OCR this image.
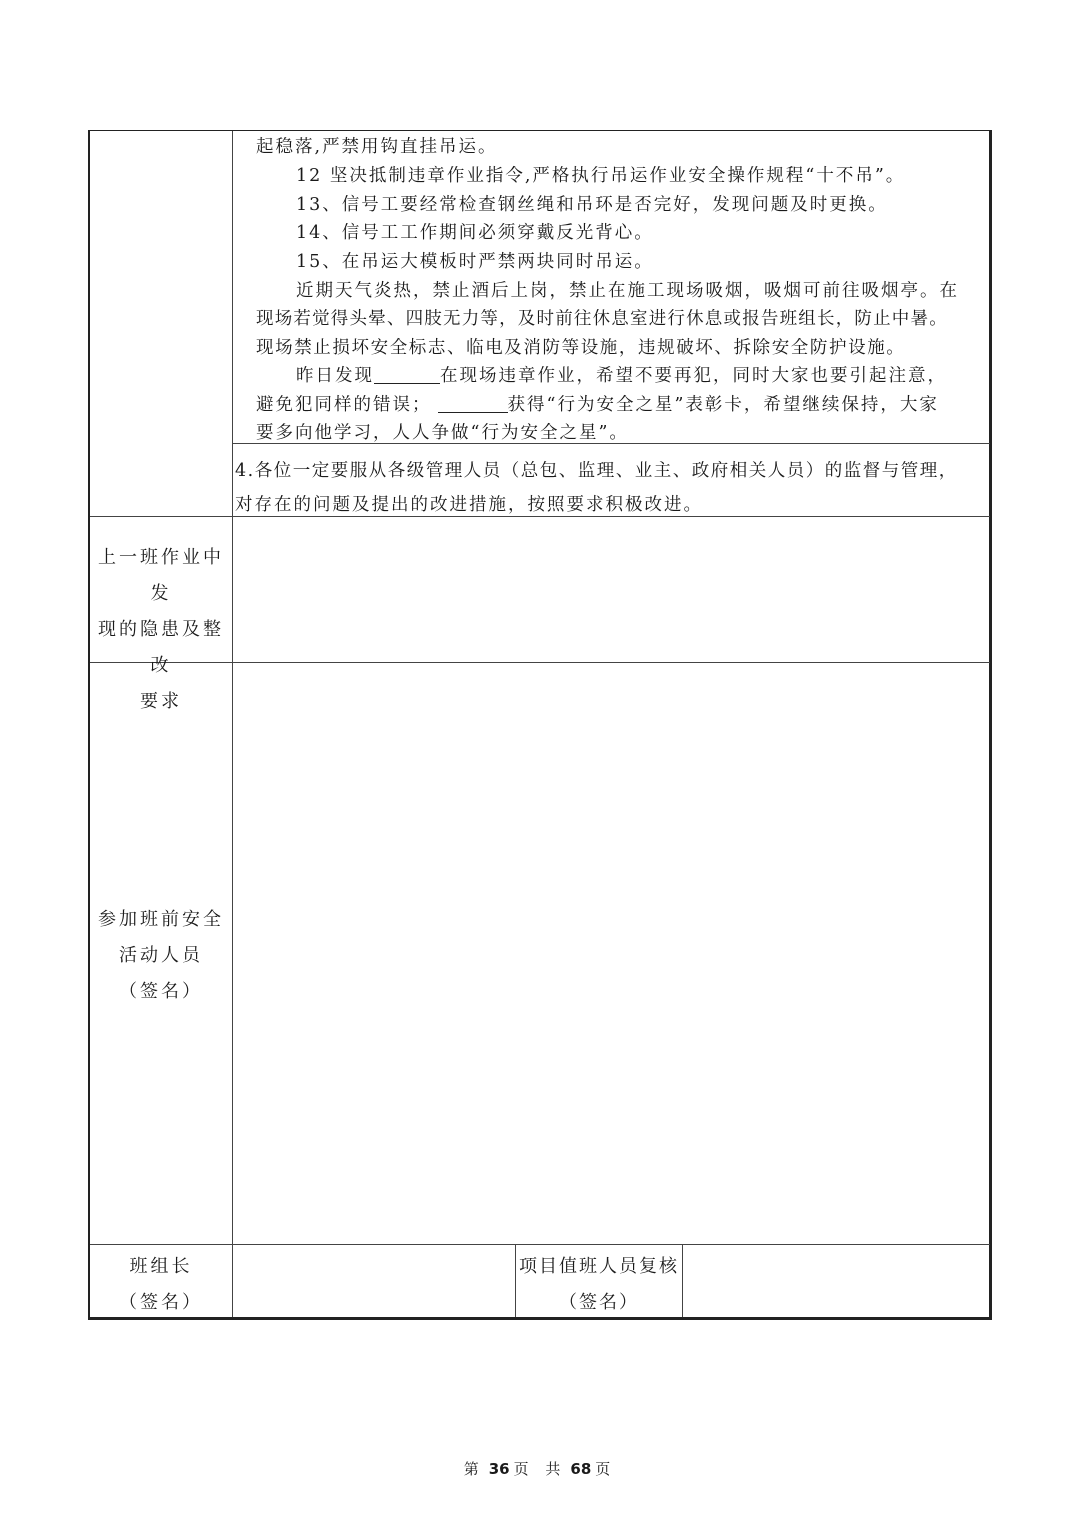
起稳落,严禁用钩直挂吊运。
12 坚决抵制违章作业指令,严格执行吊运作业安全操作规程“十不吊”。
13、信号工要经常检查钢丝绳和吊环是否完好，发现问题及时更换。
14、信号工工作期间必须穿戴反光背心。
15、在吊运大模板时严禁两块同时吊运。
近期天气炎热，禁止酒后上岗，禁止在施工现场吸烟，吸烟可前往吸烟亭。在
现场若觉得头晕、四肢无力等，及时前往休息室进行休息或报告班组长，防止中暑。
现场禁止损坏安全标志、临电及消防等设施，违规破坏、拆除安全防护设施。
昨日发现	在现场违章作业，希望不要再犯，同时大家也要引起注意，
避免犯同样的错误；	获得“行为安全之星”表彰卡，希望继续保持，大家
要多向他学习，人人争做“行为安全之星”。
4.各位一定要服从各级管理人员（总包、监理、业主、政府相关人员）的监督与管理，
对存在的问题及提出的改进措施，按照要求积极改进。
上一班作业中发
现的隐患及整改
要求
参加班前安全
活动人员
（签名）
班组长
（签名）
项目值班人员复核
（签名）
第 36 页 共 68 页
